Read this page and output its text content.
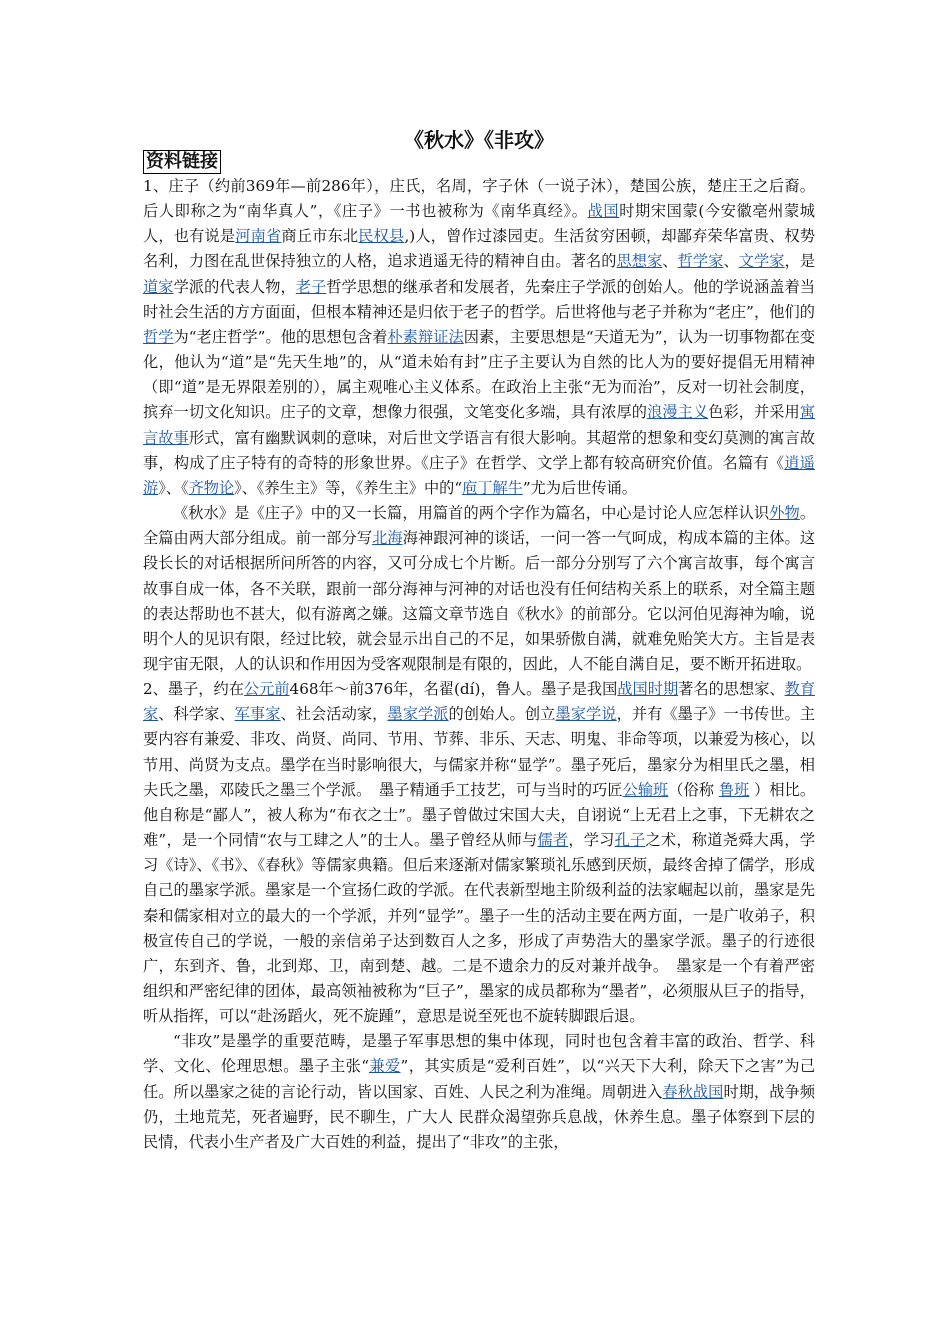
《秋水》《非攻》
资料链接

1、庄子（约前369年—前286年），庄氏，名周，字子休（一说子沐），楚国公族，楚庄王之后裔。后人即称之为“南华真人”，《庄子》一书也被称为《南华真经》。战国时期宋国蒙(今安徽亳州蒙城人，也有说是河南省商丘市东北民权县,)人，曾作过漆园吏。生活贫穷困顿，却鄙弃荣华富贵、权势名利，力图在乱世保持独立的人格，追求逍遥无待的精神自由。著名的思想家、哲学家、文学家，是道家学派的代表人物，老子哲学思想的继承者和发展者，先秦庄子学派的创始人。他的学说涵盖着当时社会生活的方方面面，但根本精神还是归依于老子的哲学。后世将他与老子并称为“老庄”，他们的哲学为“老庄哲学”。他的思想包含着朴素辩证法因素，主要思想是“天道无为”，认为一切事物都在变化，他认为“道”是“先天生地”的，从“道未始有封”庄子主要认为自然的比人为的要好提倡无用精神（即“道”是无界限差别的），属主观唯心主义体系。在政治上主张“无为而治”，反对一切社会制度，摈弃一切文化知识。庄子的文章，想像力很强，文笔变化多端，具有浓厚的浪漫主义色彩，并采用寓言故事形式，富有幽默讽刺的意味，对后世文学语言有很大影响。其超常的想象和变幻莫测的寓言故事，构成了庄子特有的奇特的形象世界。《庄子》在哲学、文学上都有较高研究价值。名篇有《逍遥游》、《齐物论》、《养生主》等，《养生主》中的“庖丁解牛”尤为后世传诵。

《秋水》是《庄子》中的又一长篇，用篇首的两个字作为篇名，中心是讨论人应怎样认识外物。全篇由两大部分组成。前一部分写北海海神跟河神的谈话，一问一答一气呵成，构成本篇的主体。这段长长的对话根据所问所答的内容，又可分成七个片断。后一部分分别写了六个寓言故事，每个寓言故事自成一体，各不关联，跟前一部分海神与河神的对话也没有任何结构关系上的联系，对全篇主题的表达帮助也不甚大，似有游离之嫌。这篇文章节选自《秋水》的前部分。它以河伯见海神为喻，说明个人的见识有限，经过比较，就会显示出自己的不足，如果骄傲自满，就难免贻笑大方。主旨是表现宇宙无限，人的认识和作用因为受客观限制是有限的，因此，人不能自满自足，要不断开拓进取。

2、墨子，约在公元前468年～前376年，名翟(dí)，鲁人。墨子是我国战国时期著名的思想家、教育家、科学家、军事家、社会活动家，墨家学派的创始人。创立墨家学说，并有《墨子》一书传世。主要内容有兼爱、非攻、尚贤、尚同、节用、节葬、非乐、天志、明鬼、非命等项，以兼爱为核心，以节用、尚贤为支点。墨学在当时影响很大，与儒家并称“显学”。墨子死后，墨家分为相里氏之墨，相夫氏之墨，邓陵氏之墨三个学派。　墨子精通手工技艺，可与当时的巧匠公输班（俗称 鲁班 ）相比。他自称是“鄙人”，被人称为“布衣之士”。墨子曾做过宋国大夫，自诩说“上无君上之事，下无耕农之难”，是一个同情“农与工肆之人”的士人。墨子曾经从师与儒者，学习孔子之术，称道尧舜大禹，学习《诗》、《书》、《春秋》等儒家典籍。但后来逐渐对儒家繁琐礼乐感到厌烦，最终舍掉了儒学，形成自己的墨家学派。墨家是一个宣扬仁政的学派。在代表新型地主阶级利益的法家崛起以前，墨家是先秦和儒家相对立的最大的一个学派，并列“显学”。墨子一生的活动主要在两方面，一是广收弟子，积极宣传自己的学说，一般的亲信弟子达到数百人之多，形成了声势浩大的墨家学派。墨子的行迹很广，东到齐、鲁，北到郑、卫，南到楚、越。二是不遗余力的反对兼并战争。　墨家是一个有着严密组织和严密纪律的团体，最高领袖被称为“巨子”，墨家的成员都称为“墨者”，必须服从巨子的指导，听从指挥，可以“赴汤蹈火，死不旋踵”，意思是说至死也不旋转脚跟后退。

“非攻”是墨学的重要范畴，是墨子军事思想的集中体现，同时也包含着丰富的政治、哲学、科学、文化、伦理思想。墨子主张“兼爱”，其实质是“爱利百姓”，以“兴天下大利，除天下之害”为己任。所以墨家之徒的言论行动，皆以国家、百姓、人民之利为准绳。周朝进入春秋战国时期，战争频仍，土地荒芜，死者遍野，民不聊生，广大人 民群众渴望弥兵息战，休养生息。墨子体察到下层的民情，代表小生产者及广大百姓的利益，提出了“非攻”的主张，
